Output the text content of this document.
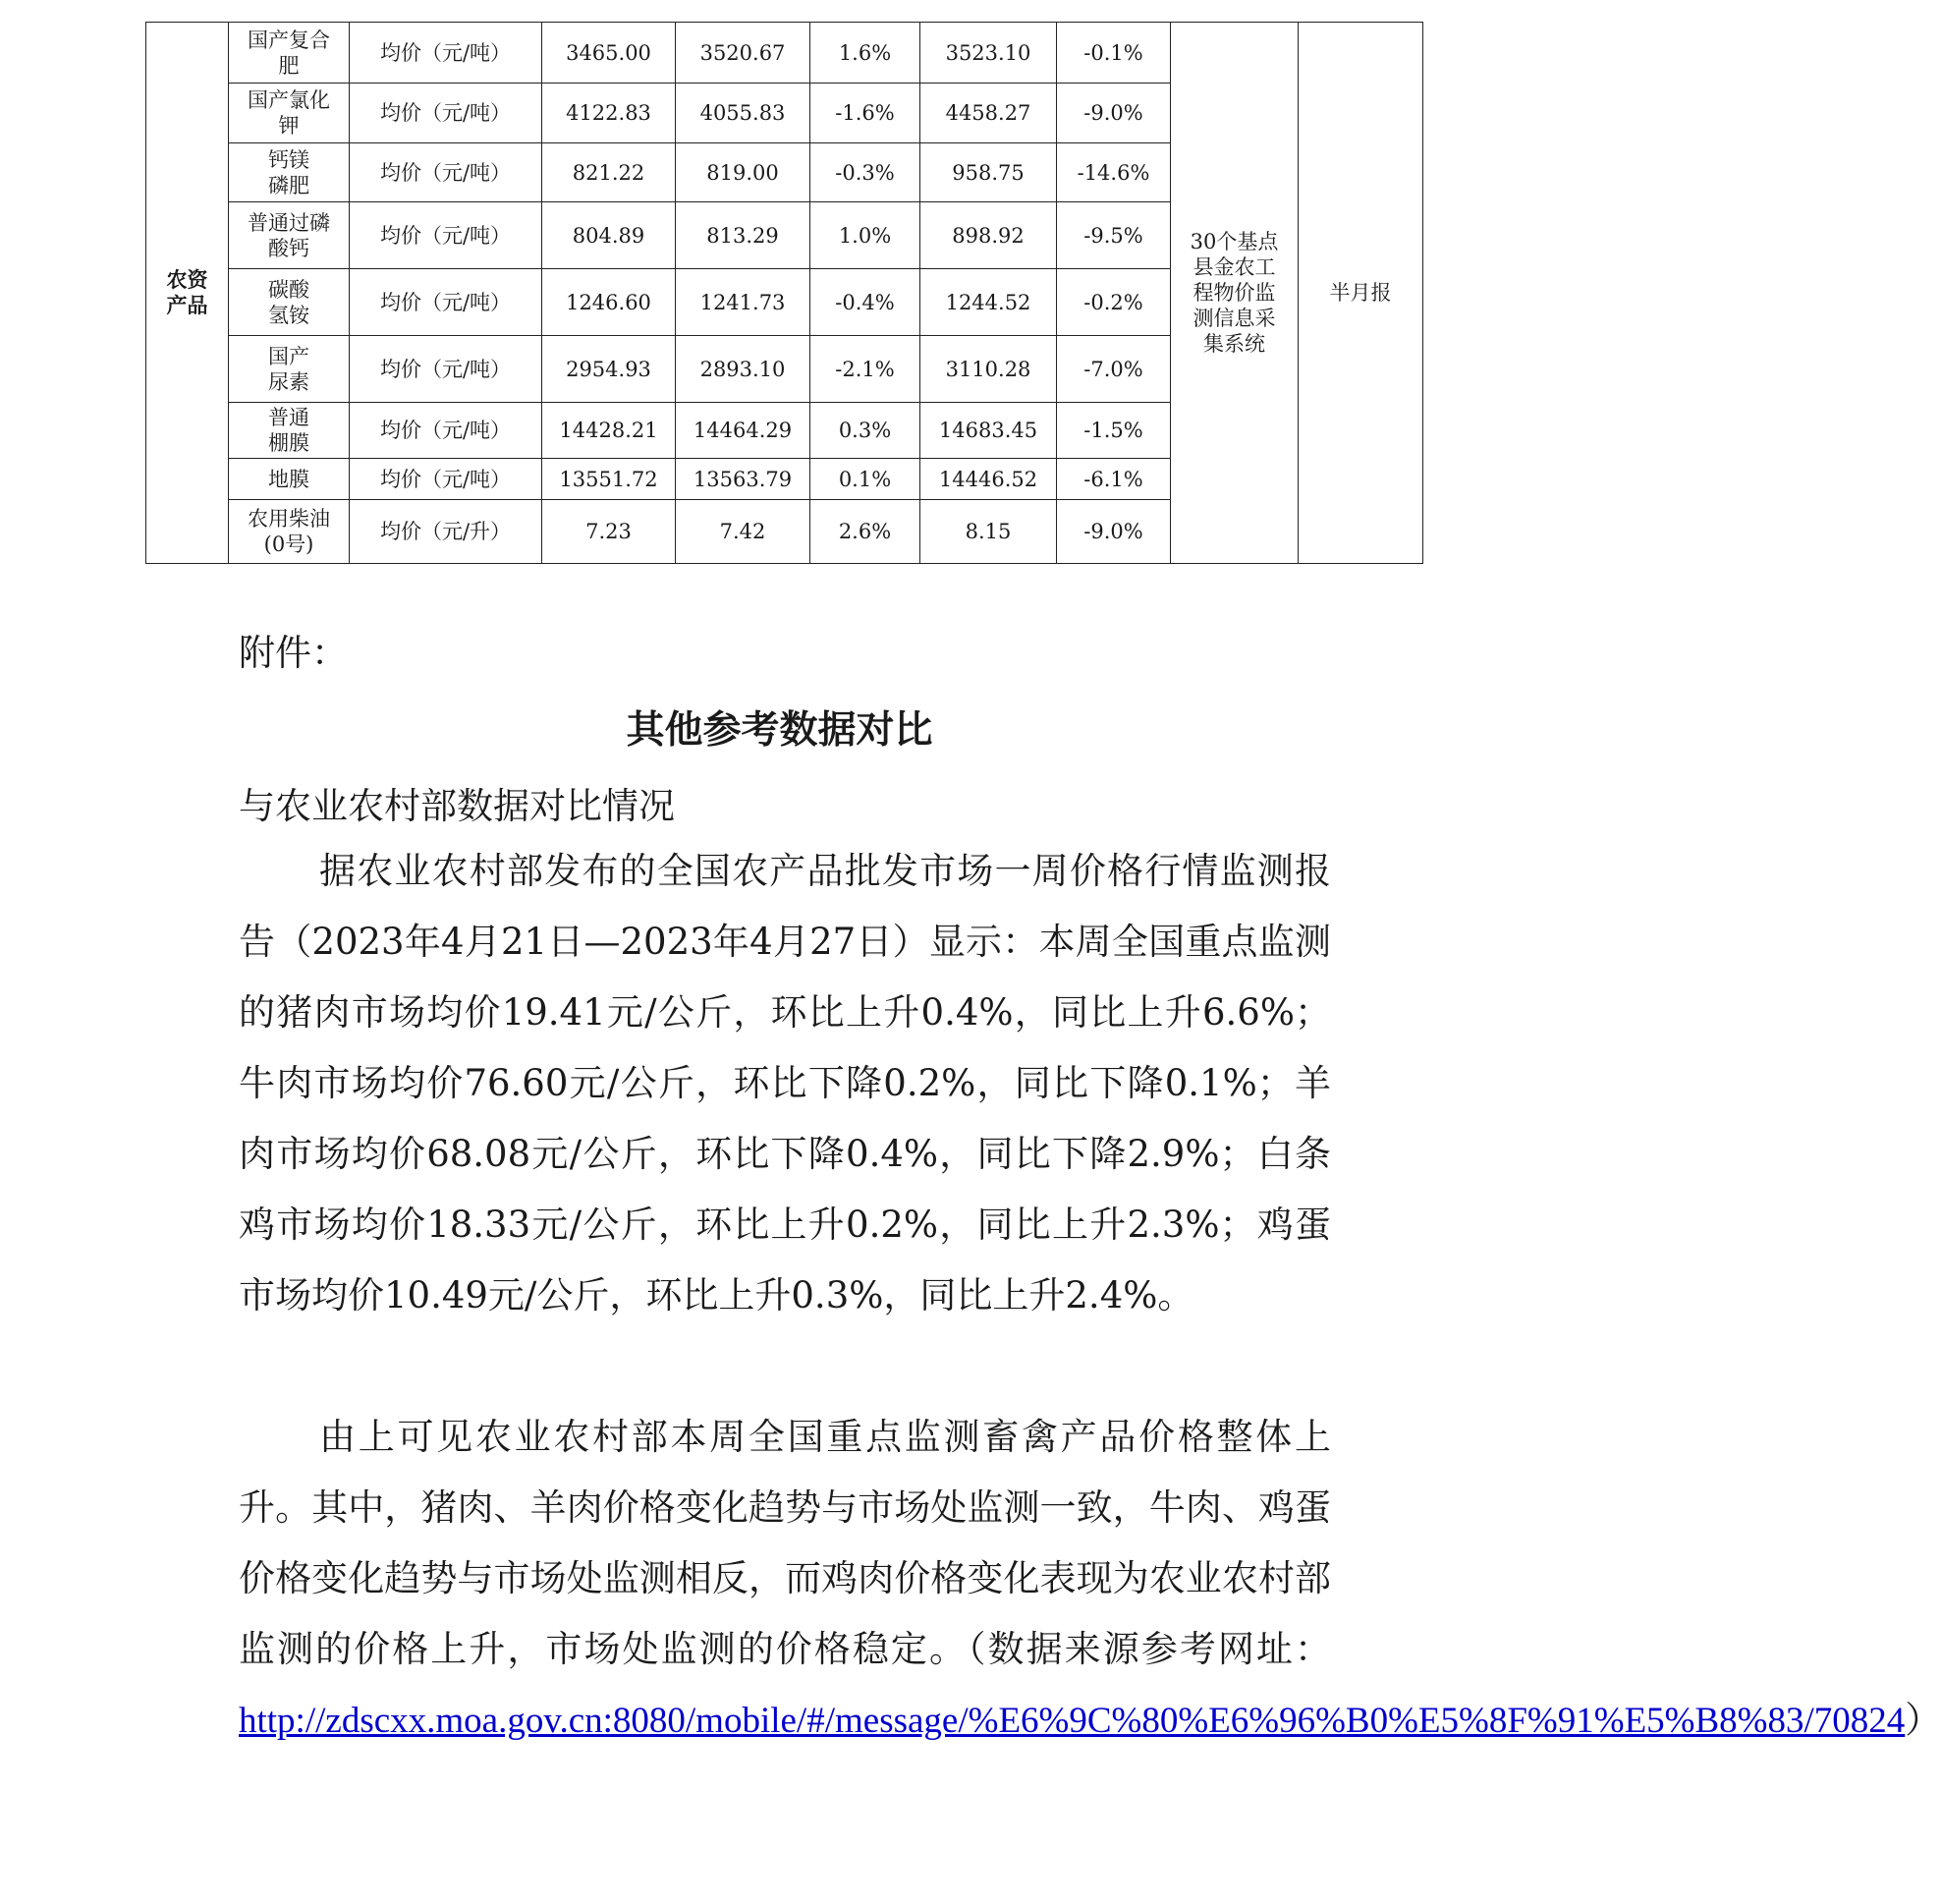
农资产品	国产复合肥	均价（元/吨）	3465.00	3520.67	1.6%	3523.10	-0.1%	30个基点县金农工程物价监测信息采集系统	半月报
	国产氯化钾	均价（元/吨）	4122.83	4055.83	-1.6%	4458.27	-9.0%		
	钙镁磷肥	均价（元/吨）	821.22	819.00	-0.3%	958.75	-14.6%		
	普通过磷酸钙	均价（元/吨）	804.89	813.29	1.0%	898.92	-9.5%		
	碳酸氢铵	均价（元/吨）	1246.60	1241.73	-0.4%	1244.52	-0.2%		
	国产尿素	均价（元/吨）	2954.93	2893.10	-2.1%	3110.28	-7.0%		
	普通棚膜	均价（元/吨）	14428.21	14464.29	0.3%	14683.45	-1.5%		
	地膜	均价（元/吨）	13551.72	13563.79	0.1%	14446.52	-6.1%		
	农用柴油(0号)	均价（元/升）	7.23	7.42	2.6%	8.15	-9.0%		

附件：

其他参考数据对比

与农业农村部数据对比情况

据农业农村部发布的全国农产品批发市场一周价格行情监测报告（2023年4月21日—2023年4月27日）显示：本周全国重点监测的猪肉市场均价19.41元/公斤，环比上升0.4%，同比上升6.6%；牛肉市场均价76.60元/公斤，环比下降0.2%，同比下降0.1%；羊肉市场均价68.08元/公斤，环比下降0.4%，同比下降2.9%；白条鸡市场均价18.33元/公斤，环比上升0.2%，同比上升2.3%；鸡蛋市场均价10.49元/公斤，环比上升0.3%，同比上升2.4%。

由上可见农业农村部本周全国重点监测畜禽产品价格整体上升。其中，猪肉、羊肉价格变化趋势与市场处监测一致，牛肉、鸡蛋价格变化趋势与市场处监测相反，而鸡肉价格变化表现为农业农村部监测的价格上升，市场处监测的价格稳定。（数据来源参考网址：http://zdscxx.moa.gov.cn:8080/mobile/#/message/%E6%9C%80%E6%96%B0%E5%8F%91%E5%B8%83/70824）
